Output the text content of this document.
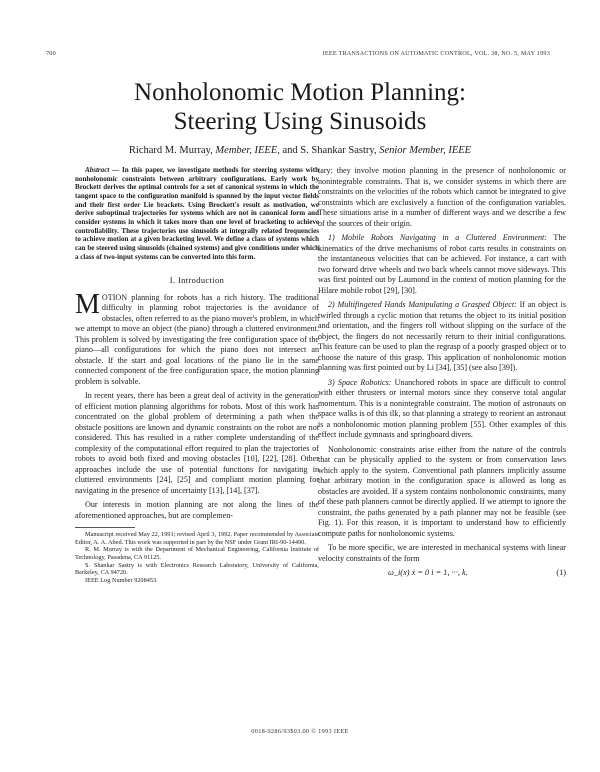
700	IEEE TRANSACTIONS ON AUTOMATIC CONTROL, VOL. 38, NO. 5, MAY 1993
Nonholonomic Motion Planning:
Steering Using Sinusoids
Richard M. Murray, Member, IEEE, and S. Shankar Sastry, Senior Member, IEEE

Abstract — In this paper, we investigate methods for steering systems with nonholonomic constraints between arbitrary configurations. Early work by Brockett derives the optimal controls for a set of canonical systems in which the tangent space to the configuration manifold is spanned by the input vector fields and their first order Lie brackets. Using Brockett's result as motivation, we derive suboptimal trajectories for systems which are not in canonical form and consider systems in which it takes more than one level of bracketing to achieve controllability. These trajectories use sinusoids at integrally related frequencies to achieve motion at a given bracketing level. We define a class of systems which can be steered using sinusoids (chained systems) and give conditions under which a class of two-input systems can be converted into this form.

I. Introduction

MOTION planning for robots has a rich history. The traditional difficulty in planning robot trajectories is the avoidance of obstacles, often referred to as the piano mover's problem, in which we attempt to move an object (the piano) through a cluttered environment. This problem is solved by investigating the free configuration space of the piano—all configurations for which the piano does not intersect an obstacle. If the start and goal locations of the piano lie in the same connected component of the free configuration space, the motion planning problem is solvable.

In recent years, there has been a great deal of activity in the generation of efficient motion planning algorithms for robots. Most of this work has concentrated on the global problem of determining a path when the obstacle positions are known and dynamic constraints on the robot are not considered. This has resulted in a rather complete understanding of the complexity of the computational effort required to plan the trajectories of robots to avoid both fixed and moving obstacles [10], [22], [28]. Other approaches include the use of potential functions for navigating in cluttered environments [24], [25] and compliant motion planning for navigating in the presence of uncertainty [13], [14], [37].

Our interests in motion planning are not along the lines of the aforementioned approaches, but are complemen-

Manuscript received May 22, 1991; revised April 3, 1992. Paper recommended by Associate Editor, A. A. Abed. This work was supported in part by the NSF under Grant IRI-90-14490.

R. M. Murray is with the Department of Mechanical Engineering, California Institute of Technology, Pasadena, CA 91125.

S. Shankar Sastry is with Electronics Research Laboratory, University of California, Berkeley, CA 94720.

IEEE Log Number 9208453.

tary: they involve motion planning in the presence of nonholonomic or nonintegrable constraints. That is, we consider systems in which there are constraints on the velocities of the robots which cannot be integrated to give constraints which are exclusively a function of the configuration variables. These situations arise in a number of different ways and we describe a few of the sources of their origin.

1) Mobile Robots Navigating in a Cluttered Environment: The kinematics of the drive mechanisms of robot carts results in constraints on the instantaneous velocities that can be achieved. For instance, a cart with two forward drive wheels and two back wheels cannot move sideways. This was first pointed out by Laumond in the context of motion planning for the Hilare mobile robot [29], [30].

2) Multifingered Hands Manipulating a Grasped Object: If an object is twirled through a cyclic motion that returns the object to its initial position and orientation, and the fingers roll without slipping on the surface of the object, the fingers do not necessarily return to their initial configurations. This feature can be used to plan the regrasp of a poorly grasped object or to choose the nature of this grasp. This application of nonholonomic motion planning was first pointed out by Li [34], [35] (see also [39]).

3) Space Robotics: Unanchored robots in space are difficult to control with either thrusters or internal motors since they conserve total angular momentum. This is a nonintegrable constraint. The motion of astronauts on space walks is of this ilk, so that planning a strategy to reorient an astronaut is a nonholonomic motion planning problem [55]. Other examples of this effect include gymnasts and springboard divers.

Nonholonomic constraints arise either from the nature of the controls that can be physically applied to the system or from conservation laws which apply to the system. Conventional path planners implicitly assume that arbitrary motion in the configuration space is allowed as long as obstacles are avoided. If a system contains nonholonomic constraints, many of these path planners cannot be directly applied. If we attempt to ignore the constraint, the paths generated by a path planner may not be feasible (see Fig. 1). For this reason, it is important to understand how to efficiently compute paths for nonholonomic systems.

To be more specific, we are interested in mechanical systems with linear velocity constraints of the form

ω_i(x) ẋ = 0 i = 1, ···, k.	(1)
0018-9286/93$03.00 © 1993 IEEE
